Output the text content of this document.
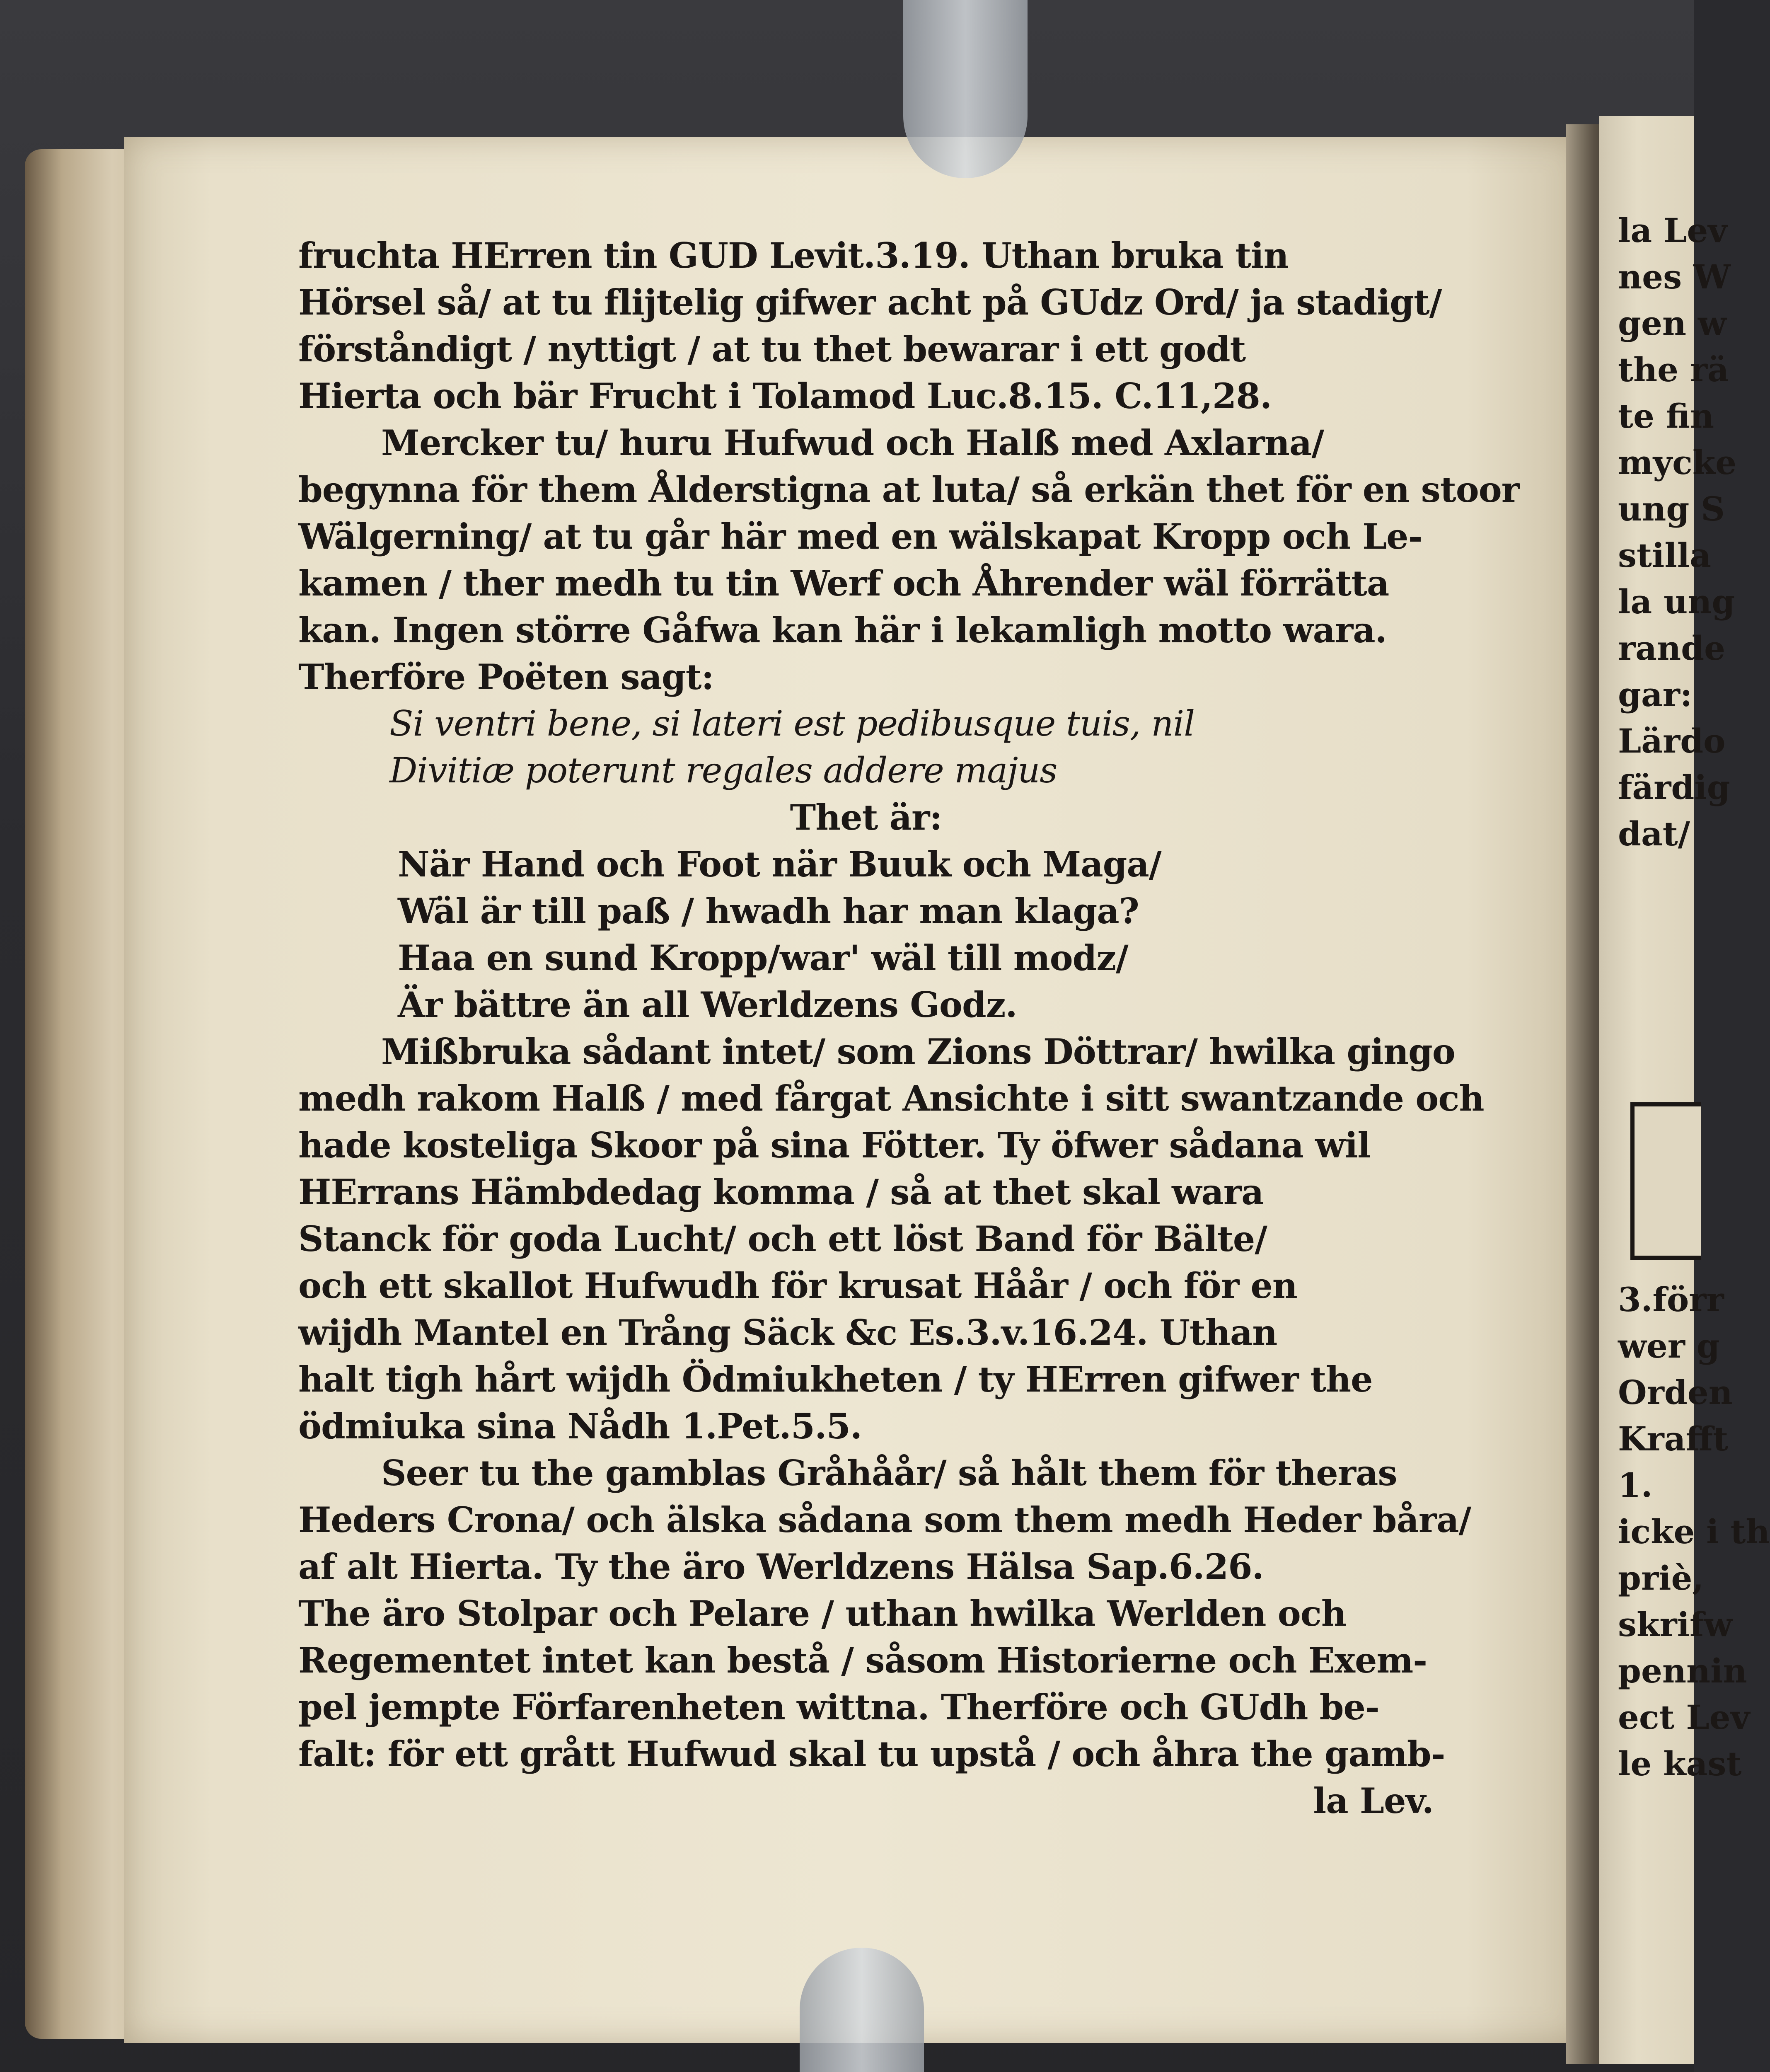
fruchta HErren tin GUD Levit.3.19. Uthan bruka tin
Hörsel så/ at tu flijtelig gifwer acht på GUdz Ord/ ja stadigt/
förståndigt / nyttigt / at tu thet bewarar i ett godt
Hierta och bär Frucht i Tolamod Luc.8.15. C.11,28.
Mercker tu/ huru Hufwud och Halß med Axlarna/
begynna för them Ålderstigna at luta/ så erkän thet för en stoor
Wälgerning/ at tu går här med en wälskapat Kropp och Le-
kamen / ther medh tu tin Werf och Åhrender wäl förrätta
kan. Ingen större Gåfwa kan här i lekamligh motto wara.
Therföre Poëten sagt:
Si ventri bene, si lateri est pedibusque tuis, nil
Divitiæ poterunt regales addere majus
Thet är:
När Hand och Foot när Buuk och Maga/
Wäl är till paß / hwadh har man klaga?
Haa en sund Kropp/war' wäl till modz/
Är bättre än all Werldzens Godz.
Mißbruka sådant intet/ som Zions Döttrar/ hwilka gingo
medh rakom Halß / med fårgat Ansichte i sitt swantzande och
hade kosteliga Skoor på sina Fötter. Ty öfwer sådana wil
HErrans Hämbdedag komma / så at thet skal wara
Stanck för goda Lucht/ och ett löst Band för Bälte/
och ett skallot Hufwudh för krusat Håår / och för en
wijdh Mantel en Trång Säck &c Es.3.v.16.24. Uthan
halt tigh hårt wijdh Ödmiukheten / ty HErren gifwer the
ödmiuka sina Nådh 1.Pet.5.5.
Seer tu the gamblas Gråhåår/ så hålt them för theras
Heders Crona/ och älska sådana som them medh Heder båra/
af alt Hierta. Ty the äro Werldzens Hälsa Sap.6.26.
The äro Stolpar och Pelare / uthan hwilka Werlden och
Regementet intet kan bestå / såsom Historierne och Exem-
pel jempte Förfarenheten wittna. Therföre och GUdh be-
falt: för ett grått Hufwud skal tu upstå / och åhra the gamb-
la Lev.
la Lev
nes W
gen w
the rä
te fin
mycke
ung S
stilla
la ung
rande
gar:
Lärdo
färdig
dat/
3.förr
wer g
Orden
Krafft
1.
icke i th
priè,
skrifw
pennin
ect Lev
le kast
